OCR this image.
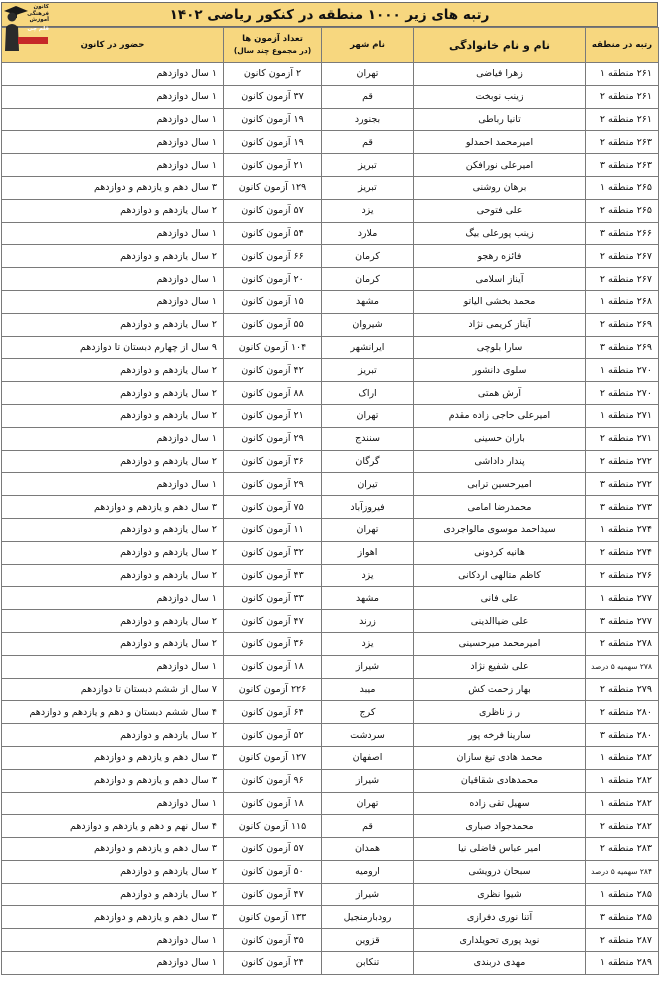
کانون
فرهنگی
آموزش
قلم چی
رتبه های زیر ۱۰۰۰ منطقه در کنکور ریاضی ۱۴۰۲
رتبه در منطقه	نام و نام خانوادگی	نام شهر	تعداد آزمون ها
(در مجموع چند سال)	حضور در کانون
۲۶۱ منطقه ۱	زهرا فیاضی	تهران	۲ آزمون کانون	۱ سال دوازدهم
۲۶۱ منطقه ۲	زینب نوبخت	قم	۳۷ آزمون کانون	۱ سال دوازدهم
۲۶۱ منطقه ۲	تانیا رباطی	بجنورد	۱۹ آزمون کانون	۱ سال دوازدهم
۲۶۳ منطقه ۲	امیرمحمد احمدلو	قم	۱۹ آزمون کانون	۱ سال دوازدهم
۲۶۳ منطقه ۳	امیرعلی نورافکن	تبریز	۲۱ آزمون کانون	۱ سال دوازدهم
۲۶۵ منطقه ۱	برهان روشنی	تبریز	۱۲۹ آزمون کانون	۳ سال دهم و یازدهم و دوازدهم
۲۶۵ منطقه ۲	علی فتوحی	یزد	۵۷ آزمون کانون	۲ سال یازدهم و دوازدهم
۲۶۶ منطقه ۳	زینب پورعلی بیگ	ملارد	۵۴ آزمون کانون	۱ سال دوازدهم
۲۶۷ منطقه ۲	فائزه رهجو	کرمان	۶۶ آزمون کانون	۲ سال یازدهم و دوازدهم
۲۶۷ منطقه ۲	آیناز اسلامی	کرمان	۲۰ آزمون کانون	۱ سال دوازدهم
۲۶۸ منطقه ۱	محمد بخشی الیاتو	مشهد	۱۵ آزمون کانون	۱ سال دوازدهم
۲۶۹ منطقه ۲	آیناز کریمی نژاد	شیروان	۵۵ آزمون کانون	۲ سال یازدهم و دوازدهم
۲۶۹ منطقه ۳	سارا بلوچی	ایرانشهر	۱۰۴ آزمون کانون	۹ سال از چهارم دبستان تا دوازدهم
۲۷۰ منطقه ۱	سلوی دانشور	تبریز	۴۲ آزمون کانون	۲ سال یازدهم و دوازدهم
۲۷۰ منطقه ۲	آرش همتی	اراک	۸۸ آزمون کانون	۲ سال یازدهم و دوازدهم
۲۷۱ منطقه ۱	امیرعلی حاجی زاده مقدم	تهران	۲۱ آزمون کانون	۲ سال یازدهم و دوازدهم
۲۷۱ منطقه ۲	باران حسینی	سنندج	۲۹ آزمون کانون	۱ سال دوازدهم
۲۷۲ منطقه ۲	پندار داداشی	گرگان	۳۶ آزمون کانون	۲ سال یازدهم و دوازدهم
۲۷۲ منطقه ۳	امیرحسین ترابی	تیران	۲۹ آزمون کانون	۱ سال دوازدهم
۲۷۳ منطقه ۳	محمدرضا امامی	فیروزآباد	۷۵ آزمون کانون	۳ سال دهم و یازدهم و دوازدهم
۲۷۴ منطقه ۱	سیداحمد موسوی مالواجردی	تهران	۱۱ آزمون کانون	۲ سال یازدهم و دوازدهم
۲۷۴ منطقه ۲	هانیه کردونی	اهواز	۳۲ آزمون کانون	۲ سال یازدهم و دوازدهم
۲۷۶ منطقه ۲	کاظم متالهی اردکانی	یزد	۴۳ آزمون کانون	۲ سال یازدهم و دوازدهم
۲۷۷ منطقه ۱	علی فانی	مشهد	۳۳ آزمون کانون	۱ سال دوازدهم
۲۷۷ منطقه ۳	علی ضیاالدینی	زرند	۴۷ آزمون کانون	۲ سال یازدهم و دوازدهم
۲۷۸ منطقه ۲	امیرمحمد میرحسینی	یزد	۳۶ آزمون کانون	۲ سال یازدهم و دوازدهم
۲۷۸ سهمیه ۵ درصد	علی شفیع نژاد	شیراز	۱۸ آزمون کانون	۱ سال دوازدهم
۲۷۹ منطقه ۲	بهار زحمت کش	میبد	۲۲۶ آزمون کانون	۷ سال از ششم دبستان تا دوازدهم
۲۸۰ منطقه ۲	ر ز ناظری	کرج	۶۴ آزمون کانون	۴ سال ششم دبستان و دهم و یازدهم و دوازدهم
۲۸۰ منطقه ۳	سارینا فرخه پور	سردشت	۵۲ آزمون کانون	۲ سال یازدهم و دوازدهم
۲۸۲ منطقه ۱	محمد هادی تیغ سازان	اصفهان	۱۲۷ آزمون کانون	۳ سال دهم و یازدهم و دوازدهم
۲۸۲ منطقه ۱	محمدهادی شقاقیان	شیراز	۹۶ آزمون کانون	۳ سال دهم و یازدهم و دوازدهم
۲۸۲ منطقه ۱	سهیل تقی زاده	تهران	۱۸ آزمون کانون	۱ سال دوازدهم
۲۸۲ منطقه ۲	محمدجواد صباری	قم	۱۱۵ آزمون کانون	۴ سال نهم و دهم و یازدهم و دوازدهم
۲۸۳ منطقه ۲	امیر عباس فاضلی نیا	همدان	۵۷ آزمون کانون	۳ سال دهم و یازدهم و دوازدهم
۲۸۴ سهمیه ۵ درصد	سبحان درویشی	ارومیه	۵۰ آزمون کانون	۲ سال یازدهم و دوازدهم
۲۸۵ منطقه ۱	شیوا نظری	شیراز	۴۷ آزمون کانون	۲ سال یازدهم و دوازدهم
۲۸۵ منطقه ۳	آتنا نوری دفرازی	رودبارمنجیل	۱۳۳ آزمون کانون	۳ سال دهم و یازدهم و دوازدهم
۲۸۷ منطقه ۲	نوید پوری تحویلداری	قزوین	۳۵ آزمون کانون	۱ سال دوازدهم
۲۸۹ منطقه ۱	مهدی دربندی	تنکابن	۲۴ آزمون کانون	۱ سال دوازدهم
